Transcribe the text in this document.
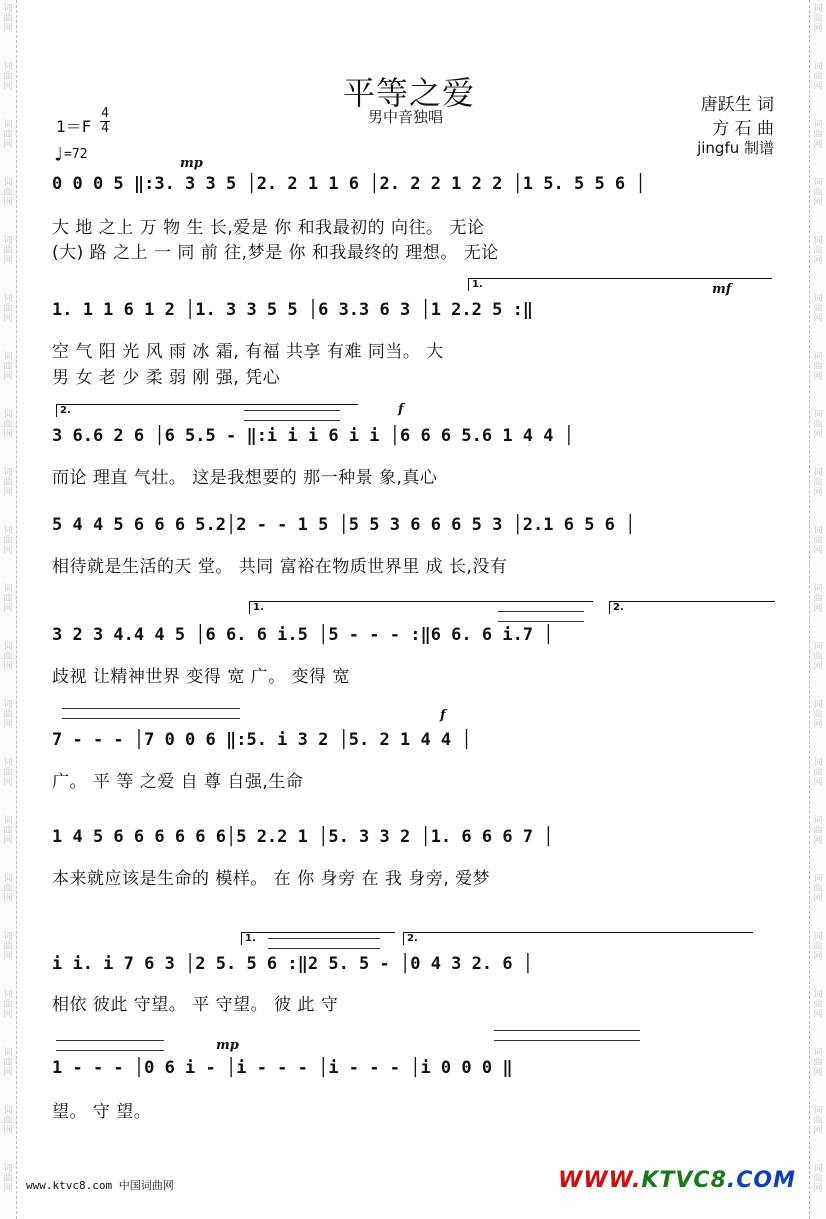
词曲网
词曲网
词曲网
词曲网
词曲网
词曲网
词曲网
词曲网
词曲网
词曲网
词曲网
词曲网
词曲网
词曲网
词曲网
词曲网
词曲网
词曲网
词曲网
词曲网
词曲网
词曲网
词曲网
词曲网
词曲网
词曲网
词曲网
词曲网
词曲网
词曲网
词曲网
词曲网
词曲网
词曲网
词曲网
词曲网
词曲网
词曲网
词曲网
词曲网
词曲网
词曲网
平等之爱
男中音独唱
1＝F
4
4
♩=72
唐跃生 词
方 石 曲
jingfu 制谱
mp
mf
f
f
mp
1.
2.
1.	2.
1.	2.
0 0 0 5 ‖:3. 3 3 5 │2. 2 1 1 6 │2. 2 2 1 2 2 │1 5. 5 5 6 │
大 地 之上 万 物 生 长,爱是 你 和我最初的 向往。 无论
(大) 路 之上 一 同 前 往,梦是 你 和我最终的 理想。 无论
1. 1 1 6 1 2 │1. 3 3 5 5 │6 3.3 6 3 │1 2.2 5 :‖
空 气 阳 光 风 雨 冰 霜, 有福 共享 有难 同当。 大
男 女 老 少 柔 弱 刚 强, 凭心
3 6.6 2 6 │6 5.5 - ‖:i i i 6 i i │6 6 6 5.6 1 4 4 │
而论 理直 气壮。 这是我想要的 那一种景 象,真心
5 4 4 5 6 6 6 5.2│2 - - 1 5 │5 5 3 6 6 6 5 3 │2.1 6 5 6 │
相待就是生活的天 堂。 共同 富裕在物质世界里 成 长,没有
3 2 3 4.4 4 5 │6 6. 6 i.5 │5 - - - :‖6 6. 6 i.7 │
歧视 让精神世界 变得 宽 广。 变得 宽
7 - - - │7 0 0 6 ‖:5. i 3 2 │5. 2 1 4 4 │
广。 平 等 之爱 自 尊 自强,生命
1 4 5 6 6 6 6 6 6│5 2.2 1 │5. 3 3 2 │1. 6 6 6 7 │
本来就应该是生命的 模样。 在 你 身旁 在 我 身旁, 爱梦
i i. i 7 6 3 │2 5. 5 6 :‖2 5. 5 - │0 4 3 2. 6 │
相依 彼此 守望。 平 守望。 彼 此 守
1 - - - │0 6 i - │i - - - │i - - - │i 0 0 0 ‖
望。 守 望。
www.ktvc8.com 中国词曲网	WWW.KTVC8.COM
